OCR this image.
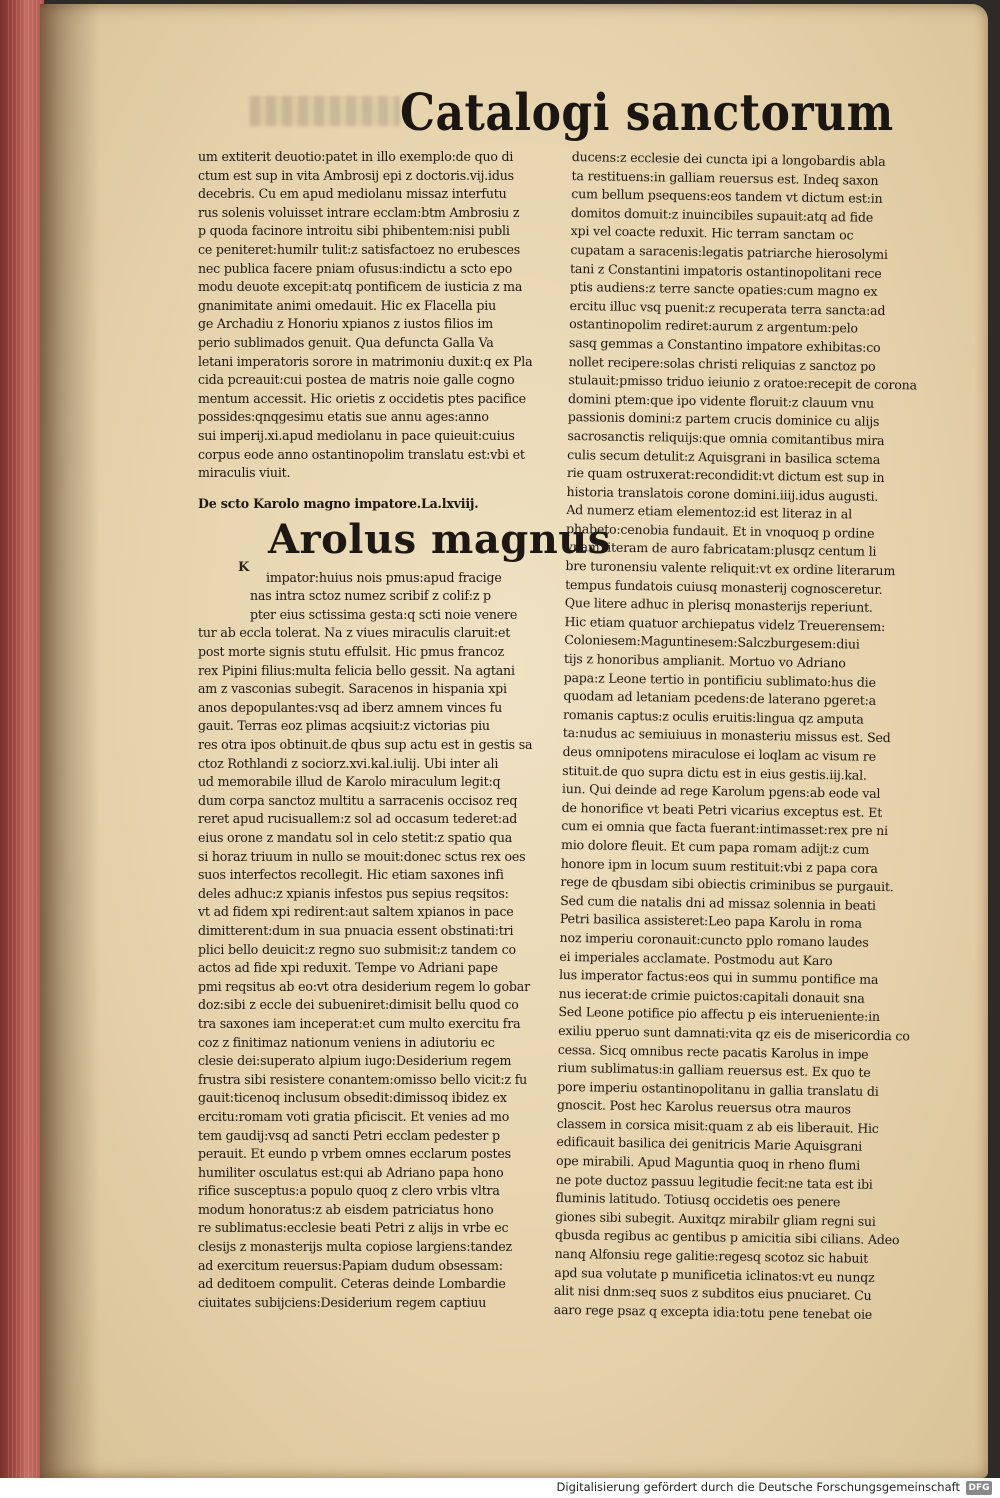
Catalogi sanctorum
um extiterit deuotio:patet in illo exemplo:de quo di
ctum est sup in vita Ambrosij epi z doctoris.vij.idus
decebris. Cu em apud mediolanu missaz interfutu
rus solenis voluisset intrare ecclam:btm Ambrosiu z
p quoda facinore introitu sibi phibentem:nisi publi
ce peniteret:humilr tulit:z satisfactoez no erubesces
nec publica facere pniam ofusus:indictu a scto epo
modu deuote excepit:atq pontificem de iusticia z ma
gnanimitate animi omedauit. Hic ex Flacella piu
ge Archadiu z Honoriu xpianos z iustos filios im
perio sublimados genuit. Qua defuncta Galla Va
letani imperatoris sorore in matrimoniu duxit:q ex Pla
cida pcreauit:cui postea de matris noie galle cogno
mentum accessit. Hic orietis z occidetis ptes pacifice
possides:qnqgesimu etatis sue annu ages:anno
sui imperij.xi.apud mediolanu in pace quieuit:cuius
corpus eode anno ostantinopolim translatu est:vbi et
miraculis viuit.
De scto Karolo magno impatore.La.lxviij.
Arolus magnus
impator:huius nois pmus:apud fracige
nas intra sctoz numez scribif z colif:z p
pter eius sctissima gesta:q scti noie venere
tur ab eccla tolerat. Na z viues miraculis claruit:et
post morte signis stutu effulsit. Hic pmus francoz
rex Pipini filius:multa felicia bello gessit. Na agtani
am z vasconias subegit. Saracenos in hispania xpi
anos depopulantes:vsq ad iberz amnem vinces fu
gauit. Terras eoz plimas acqsiuit:z victorias piu
res otra ipos obtinuit.de qbus sup actu est in gestis sa
ctoz Rothlandi z sociorz.xvi.kal.iulij. Ubi inter ali
ud memorabile illud de Karolo miraculum legit:q
dum corpa sanctoz multitu a sarracenis occisoz req
reret apud rucisuallem:z sol ad occasum tederet:ad
eius orone z mandatu sol in celo stetit:z spatio qua
si horaz triuum in nullo se mouit:donec sctus rex oes
suos interfectos recollegit. Hic etiam saxones infi
deles adhuc:z xpianis infestos pus sepius reqsitos:
vt ad fidem xpi redirent:aut saltem xpianos in pace
dimitterent:dum in sua pnuacia essent obstinati:tri
plici bello deuicit:z regno suo submisit:z tandem co
actos ad fide xpi reduxit. Tempe vo Adriani pape
pmi reqsitus ab eo:vt otra desiderium regem lo gobar
doz:sibi z eccle dei subueniret:dimisit bellu quod co
tra saxones iam inceperat:et cum multo exercitu fra
coz z finitimaz nationum veniens in adiutoriu ec
clesie dei:superato alpium iugo:Desiderium regem
frustra sibi resistere conantem:omisso bello vicit:z fu
gauit:ticenoq inclusum obsedit:dimissoq ibidez ex
ercitu:romam voti gratia pficiscit. Et venies ad mo
tem gaudij:vsq ad sancti Petri ecclam pedester p
perauit. Et eundo p vrbem omnes ecclarum postes
humiliter osculatus est:qui ab Adriano papa hono
rifice susceptus:a populo quoq z clero vrbis vltra
modum honoratus:z ab eisdem patriciatus hono
re sublimatus:ecclesie beati Petri z alijs in vrbe ec
clesijs z monasterijs multa copiose largiens:tandez
ad exercitum reuersus:Papiam dudum obsessam:
ad deditoem compulit. Ceteras deinde Lombardie
ciuitates subijciens:Desiderium regem captiuu
K
ducens:z ecclesie dei cuncta ipi a longobardis abla
ta restituens:in galliam reuersus est. Indeq saxon
cum bellum psequens:eos tandem vt dictum est:in
domitos domuit:z inuincibiles supauit:atq ad fide
xpi vel coacte reduxit. Hic terram sanctam oc
cupatam a saracenis:legatis patriarche hierosolymi
tani z Constantini impatoris ostantinopolitani rece
ptis audiens:z terre sancte opaties:cum magno ex
ercitu illuc vsq puenit:z recuperata terra sancta:ad
ostantinopolim rediret:aurum z argentum:pelo
sasq gemmas a Constantino impatore exhibitas:co
nollet recipere:solas christi reliquias z sanctoz po
stulauit:pmisso triduo ieiunio z oratoe:recepit de corona
domini ptem:que ipo vidente floruit:z clauum vnu
passionis domini:z partem crucis dominice cu alijs
sacrosanctis reliquijs:que omnia comitantibus mira
culis secum detulit:z Aquisgrani in basilica sctema
rie quam ostruxerat:recondidit:vt dictum est sup in
historia translatois corone domini.iiij.idus augusti.
Ad numerz etiam elementoz:id est literaz in al
phabeto:cenobia fundauit. Et in vnoquoq p ordine
vnam literam de auro fabricatam:plusqz centum li
bre turonensiu valente reliquit:vt ex ordine literarum
tempus fundatois cuiusq monasterij cognosceretur.
Que litere adhuc in plerisq monasterijs reperiunt.
Hic etiam quatuor archiepatus videlz Treuerensem:
Coloniesem:Maguntinesem:Salczburgesem:diui
tijs z honoribus amplianit. Mortuo vo Adriano
papa:z Leone tertio in pontificiu sublimato:hus die
quodam ad letaniam pcedens:de laterano pgeret:a
romanis captus:z oculis eruitis:lingua qz amputa
ta:nudus ac semiuiuus in monasteriu missus est. Sed
deus omnipotens miraculose ei loqlam ac visum re
stituit.de quo supra dictu est in eius gestis.iij.kal.
iun. Qui deinde ad rege Karolum pgens:ab eode val
de honorifice vt beati Petri vicarius exceptus est. Et
cum ei omnia que facta fuerant:intimasset:rex pre ni
mio dolore fleuit. Et cum papa romam adijt:z cum
honore ipm in locum suum restituit:vbi z papa cora
rege de qbusdam sibi obiectis criminibus se purgauit.
Sed cum die natalis dni ad missaz solennia in beati
Petri basilica assisteret:Leo papa Karolu in roma
noz imperiu coronauit:cuncto pplo romano laudes
ei imperiales acclamate. Postmodu aut Karo
lus imperator factus:eos qui in summu pontifice ma
nus iecerat:de crimie puictos:capitali donauit sna
Sed Leone potifice pio affectu p eis interueniente:in
exiliu pperuo sunt damnati:vita qz eis de misericordia co
cessa. Sicq omnibus recte pacatis Karolus in impe
rium sublimatus:in galliam reuersus est. Ex quo te
pore imperiu ostantinopolitanu in gallia translatu di
gnoscit. Post hec Karolus reuersus otra mauros
classem in corsica misit:quam z ab eis liberauit. Hic
edificauit basilica dei genitricis Marie Aquisgrani
ope mirabili. Apud Maguntia quoq in rheno flumi
ne pote ductoz passuu legitudie fecit:ne tata est ibi
fluminis latitudo. Totiusq occidetis oes penere
giones sibi subegit. Auxitqz mirabilr gliam regni sui
qbusda regibus ac gentibus p amicitia sibi cilians. Adeo
nanq Alfonsiu rege galitie:regesq scotoz sic habuit
apd sua volutate p munificetia iclinatos:vt eu nunqz
alit nisi dnm:seq suos z subditos eius pnuciaret. Cu
aaro rege psaz q excepta idia:totu pene tenebat oie
Digitalisierung gefördert durch die Deutsche Forschungsgemeinschaft DFG
